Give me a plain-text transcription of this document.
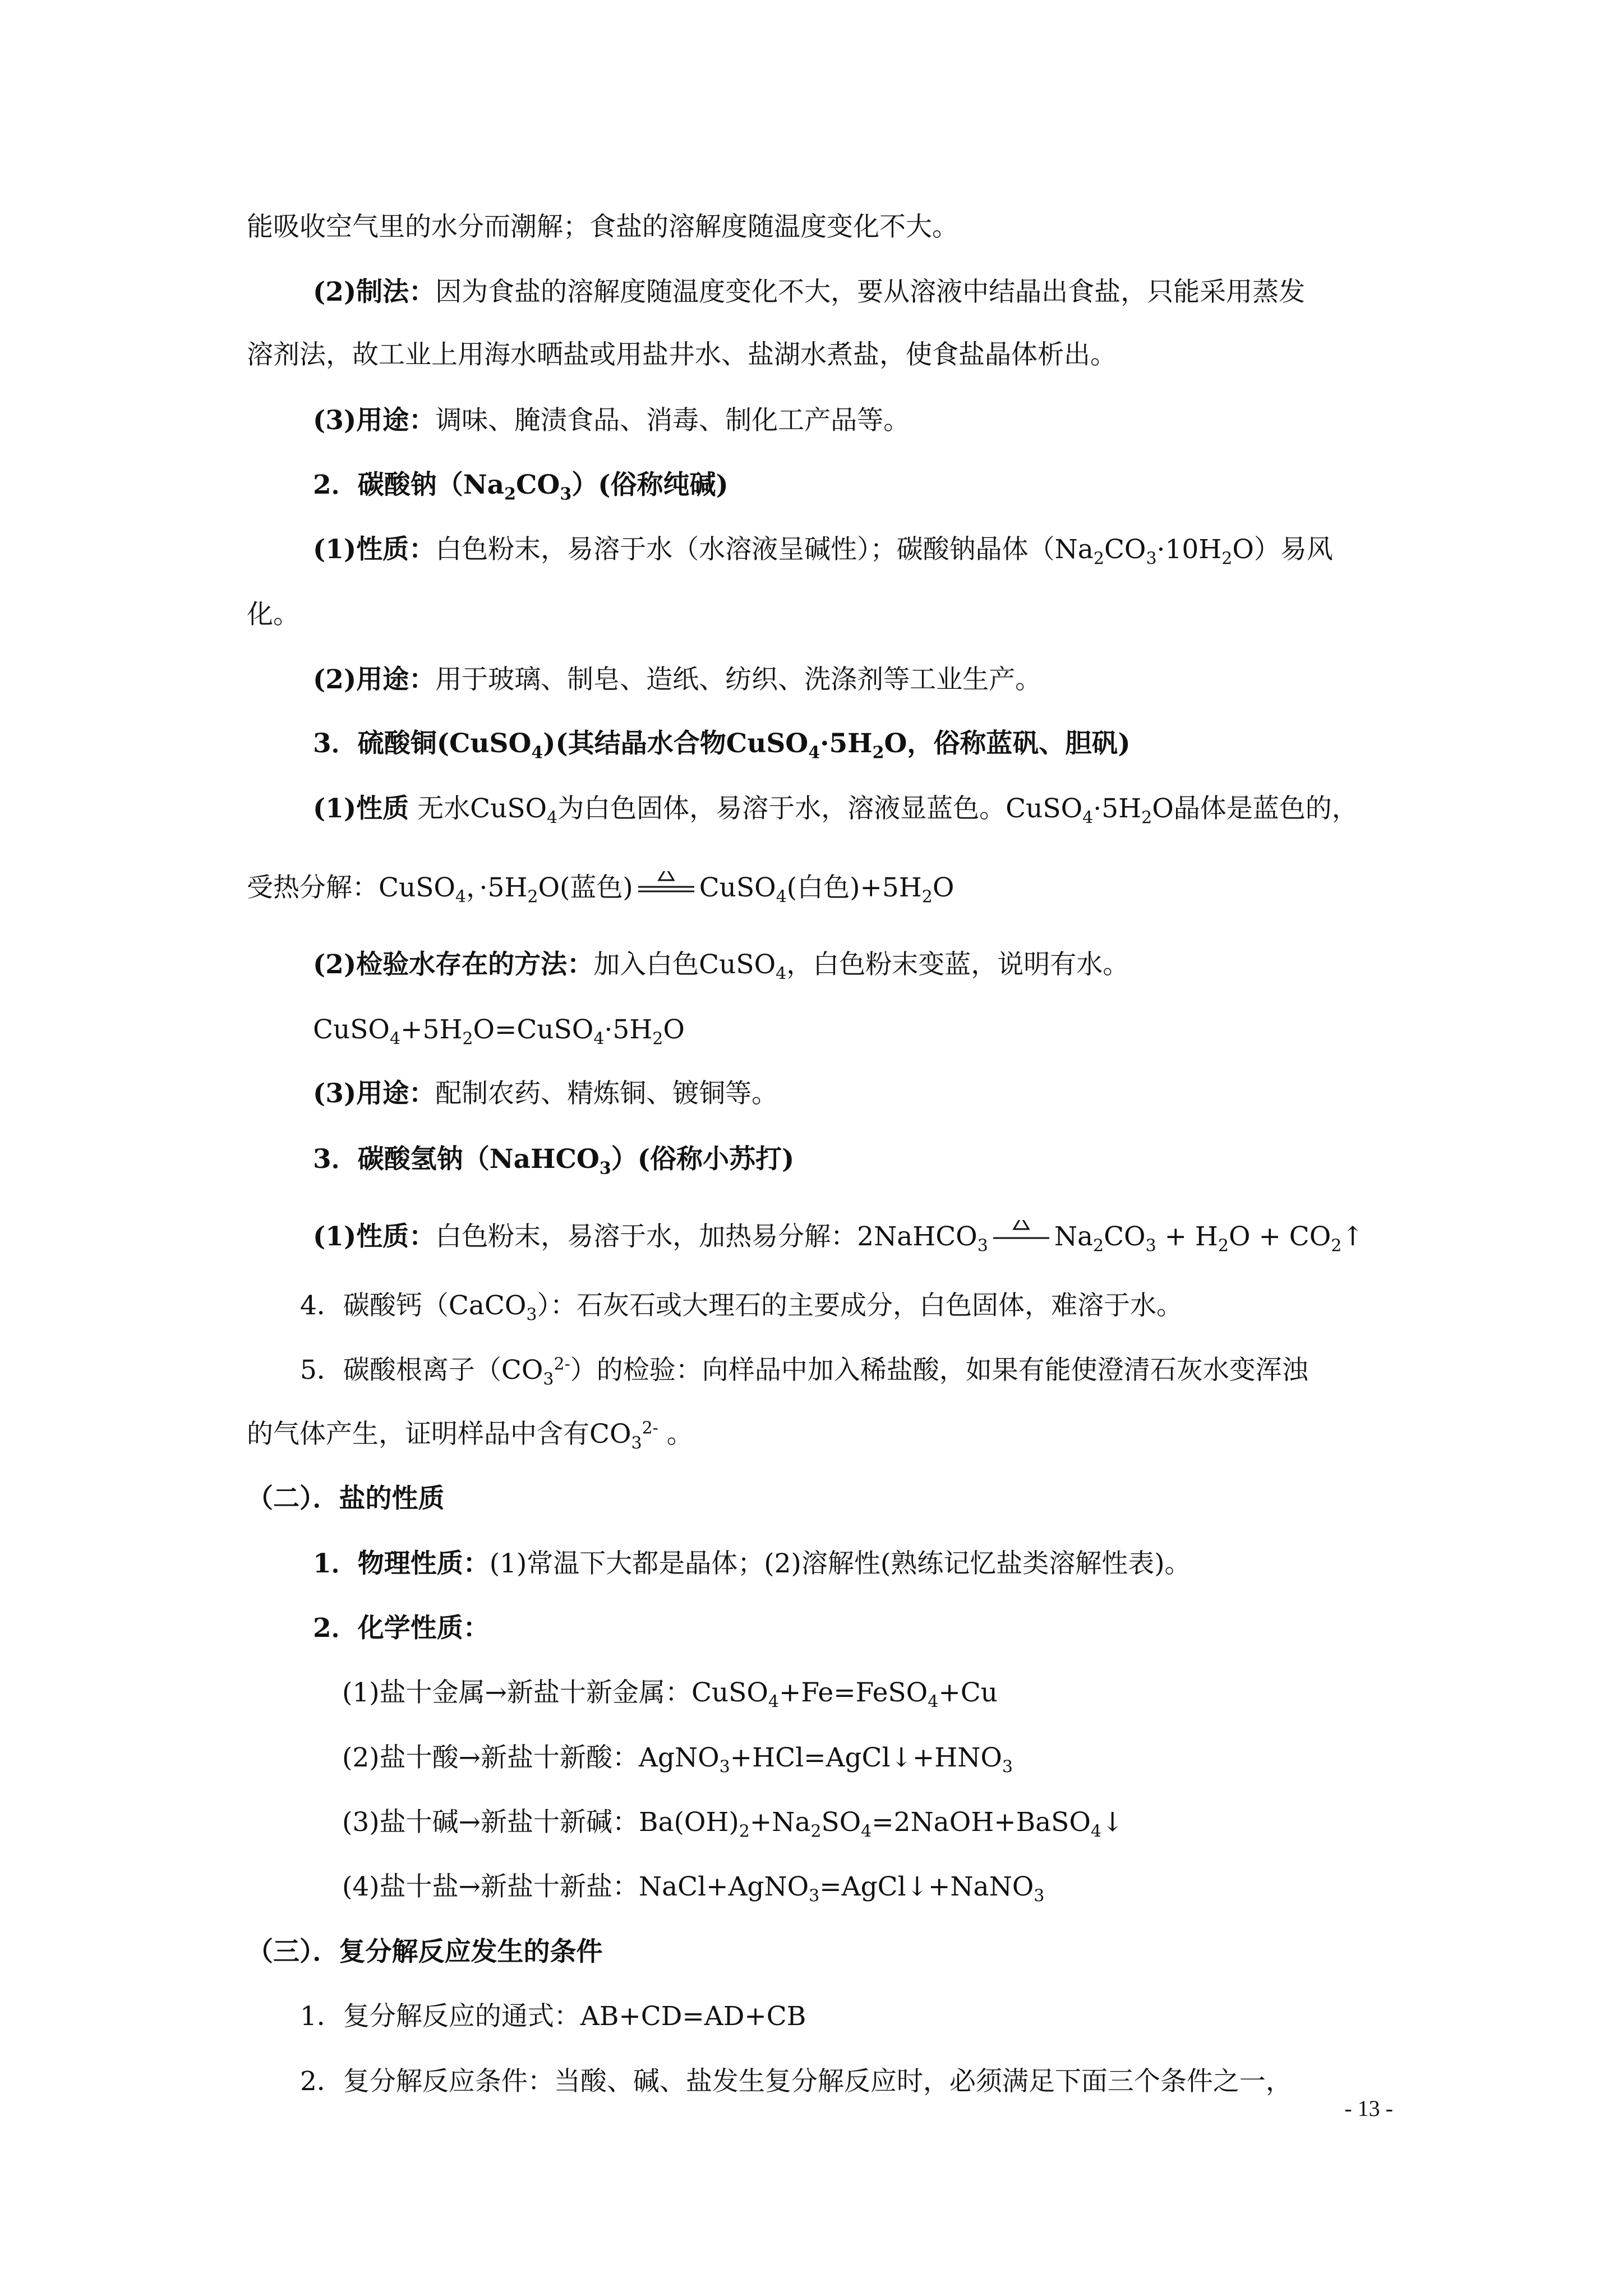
能吸收空气里的水分而潮解；食盐的溶解度随温度变化不大。
(2)制法：因为食盐的溶解度随温度变化不大，要从溶液中结晶出食盐，只能采用蒸发
溶剂法，故工业上用海水晒盐或用盐井水、盐湖水煮盐，使食盐晶体析出。
(3)用途：调味、腌渍食品、消毒、制化工产品等。
2．碳酸钠$(Na_2CO_3)$(俗称纯碱)
(1)性质：白色粉末，易溶于水（水溶液呈碱性）；碳酸钠晶体$(Na_2CO_3\cdot 10H_2O)$易风
化。
(2)用途：用于玻璃、制皂、造纸、纺织、洗涤剂等工业生产。
3．硫酸铜(CuSO$_4$)(其结晶水合物$CuSO_4\cdot 5H_2O$，俗称蓝矾、胆矾)
(1)性质 无水CuSO$_4$为白色固体，易溶于水，溶液显蓝色。$CuSO_4\cdot 5H_2O$晶体是蓝色的，
受热分解：CuSO$_4$，$\cdot 5H_2O$(蓝色)	CuSO$_4$(白色)$+5H_2O$
(2)检验水存在的方法：加入白色CuSO$_4$，白色粉末变蓝，说明有水。
$CuSO_4+5H_2O=CuSO_4\cdot 5H_2O$
(3)用途：配制农药、精炼铜、镀铜等。
3．碳酸氢钠（NaHCO$_3$）(俗称小苏打)
(1)性质：白色粉末，易溶于水，加热易分解：2NaHCO$_3$	$Na_2CO_3 + H_2O$ + $CO_2↑$
4．碳酸钙（CaCO$_3$）：石灰石或大理石的主要成分，白色固体，难溶于水。
5．碳酸根离子$(CO_3^{2-})$的检验：向样品中加入稀盐酸，如果有能使澄清石灰水变浑浊
的气体产生，证明样品中含有$CO_3^{2-}$ 。
（二）．盐的性质
1．物理性质：(1)常温下大都是晶体；(2)溶解性(熟练记忆盐类溶解性表)。
2．化学性质：
(1)盐十金属→新盐十新金属：CuSO$_4$+Fe=FeSO$_4$+Cu
(2)盐十酸→新盐十新酸：$AgNO_3+HCl=AgCl↓+HNO_3$
(3)盐十碱→新盐十新碱：$Ba(OH)_2+Na_2SO_4=2NaOH+BaSO_4↓$
(4)盐十盐→新盐十新盐：NaCl+AgNO$_3$=AgCl↓+NaNO$_3$
（三）．复分解反应发生的条件
1．复分解反应的通式：AB+CD=AD+CB
2．复分解反应条件：当酸、碱、盐发生复分解反应时，必须满足下面三个条件之一，
- 13 -
